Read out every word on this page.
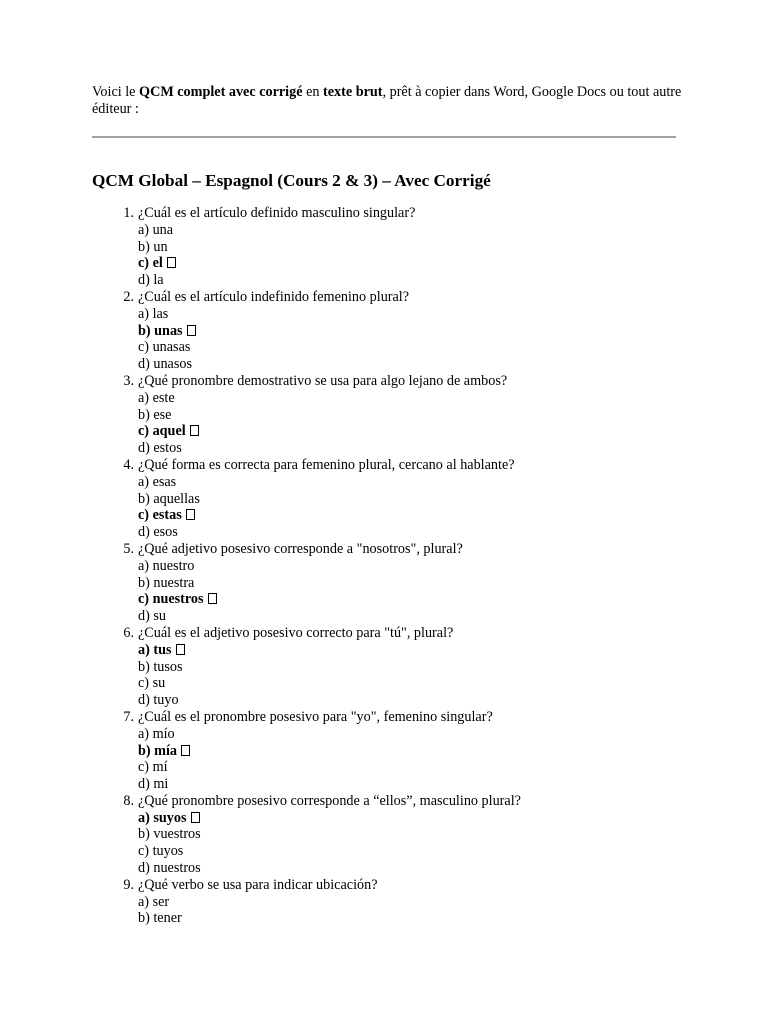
Voici le QCM complet avec corrigé en texte brut, prêt à copier dans Word, Google Docs ou tout autre éditeur :

QCM Global – Espagnol (Cours 2 & 3) – Avec Corrigé
1. ¿Cuál es el artículo definido masculino singular?
a) una
b) un
c) el
d) la
2. ¿Cuál es el artículo indefinido femenino plural?
a) las
b) unas
c) unasas
d) unasos
3. ¿Qué pronombre demostrativo se usa para algo lejano de ambos?
a) este
b) ese
c) aquel
d) estos
4. ¿Qué forma es correcta para femenino plural, cercano al hablante?
a) esas
b) aquellas
c) estas
d) esos
5. ¿Qué adjetivo posesivo corresponde a "nosotros", plural?
a) nuestro
b) nuestra
c) nuestros
d) su
6. ¿Cuál es el adjetivo posesivo correcto para "tú", plural?
a) tus
b) tusos
c) su
d) tuyo
7. ¿Cuál es el pronombre posesivo para "yo", femenino singular?
a) mío
b) mía
c) mí
d) mi
8. ¿Qué pronombre posesivo corresponde a “ellos”, masculino plural?
a) suyos
b) vuestros
c) tuyos
d) nuestros
9. ¿Qué verbo se usa para indicar ubicación?
a) ser
b) tener
